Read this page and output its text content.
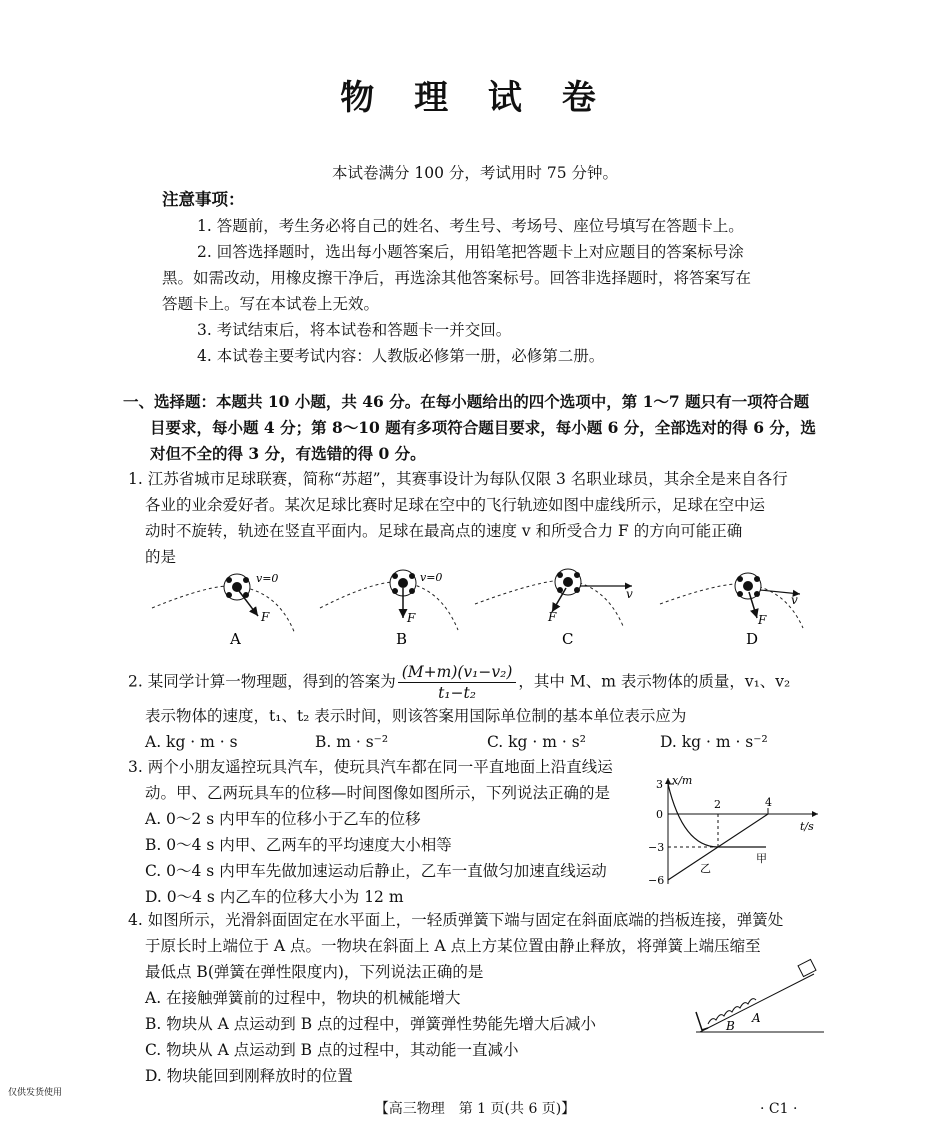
物 理 试 卷
本试卷满分 100 分，考试用时 75 分钟。
注意事项：
1. 答题前，考生务必将自己的姓名、考生号、考场号、座位号填写在答题卡上。
2. 回答选择题时，选出每小题答案后，用铅笔把答题卡上对应题目的答案标号涂
黑。如需改动，用橡皮擦干净后，再选涂其他答案标号。回答非选择题时，将答案写在
答题卡上。写在本试卷上无效。
3. 考试结束后，将本试卷和答题卡一并交回。
4. 本试卷主要考试内容：人教版必修第一册，必修第二册。
一、选择题：本题共 10 小题，共 46 分。在每小题给出的四个选项中，第 1～7 题只有一项符合题
目要求，每小题 4 分；第 8～10 题有多项符合题目要求，每小题 6 分，全部选对的得 6 分，选
对但不全的得 3 分，有选错的得 0 分。
1. 江苏省城市足球联赛，简称“苏超”，其赛事设计为每队仅限 3 名职业球员，其余全是来自各行
各业的业余爱好者。某次足球比赛时足球在空中的飞行轨迹如图中虚线所示，足球在空中运
动时不旋转，轨迹在竖直平面内。足球在最高点的速度 v 和所受合力 F 的方向可能正确
的是
v=0
F
A
v=0
F
B
v
F
C
v
F
D
2. 某同学计算一物理题，得到的答案为 $\frac{\text{(M+m)(v₁−v₂)}}{\text{t₁−t₂}}$ ，其中 M、m 表示物体的质量，v₁、v₂
表示物体的速度，t₁、t₂ 表示时间，则该答案用国际单位制的基本单位表示应为
A. kg · m · s	B. m · s⁻²	C. kg · m · s²	D. kg · m · s⁻²
3. 两个小朋友遥控玩具汽车，使玩具汽车都在同一平直地面上沿直线运
动。甲、乙两玩具车的位移—时间图像如图所示，下列说法正确的是
A. 0～2 s 内甲车的位移小于乙车的位移
B. 0～4 s 内甲、乙两车的平均速度大小相等
C. 0～4 s 内甲车先做加速运动后静止，乙车一直做匀加速直线运动
D. 0～4 s 内乙车的位移大小为 12 m
x/m
t/s
3
0
−3
−6
2	4
甲
乙
4. 如图所示，光滑斜面固定在水平面上，一轻质弹簧下端与固定在斜面底端的挡板连接，弹簧处
于原长时上端位于 A 点。一物块在斜面上 A 点上方某位置由静止释放，将弹簧上端压缩至
最低点 B(弹簧在弹性限度内)，下列说法正确的是
A. 在接触弹簧前的过程中，物块的机械能增大
B. 物块从 A 点运动到 B 点的过程中，弹簧弹性势能先增大后减小
C. 物块从 A 点运动到 B 点的过程中，其动能一直减小
D. 物块能回到刚释放时的位置
A
B
仅供发货使用
【高三物理　第 1 页(共 6 页)】	· C1 ·
